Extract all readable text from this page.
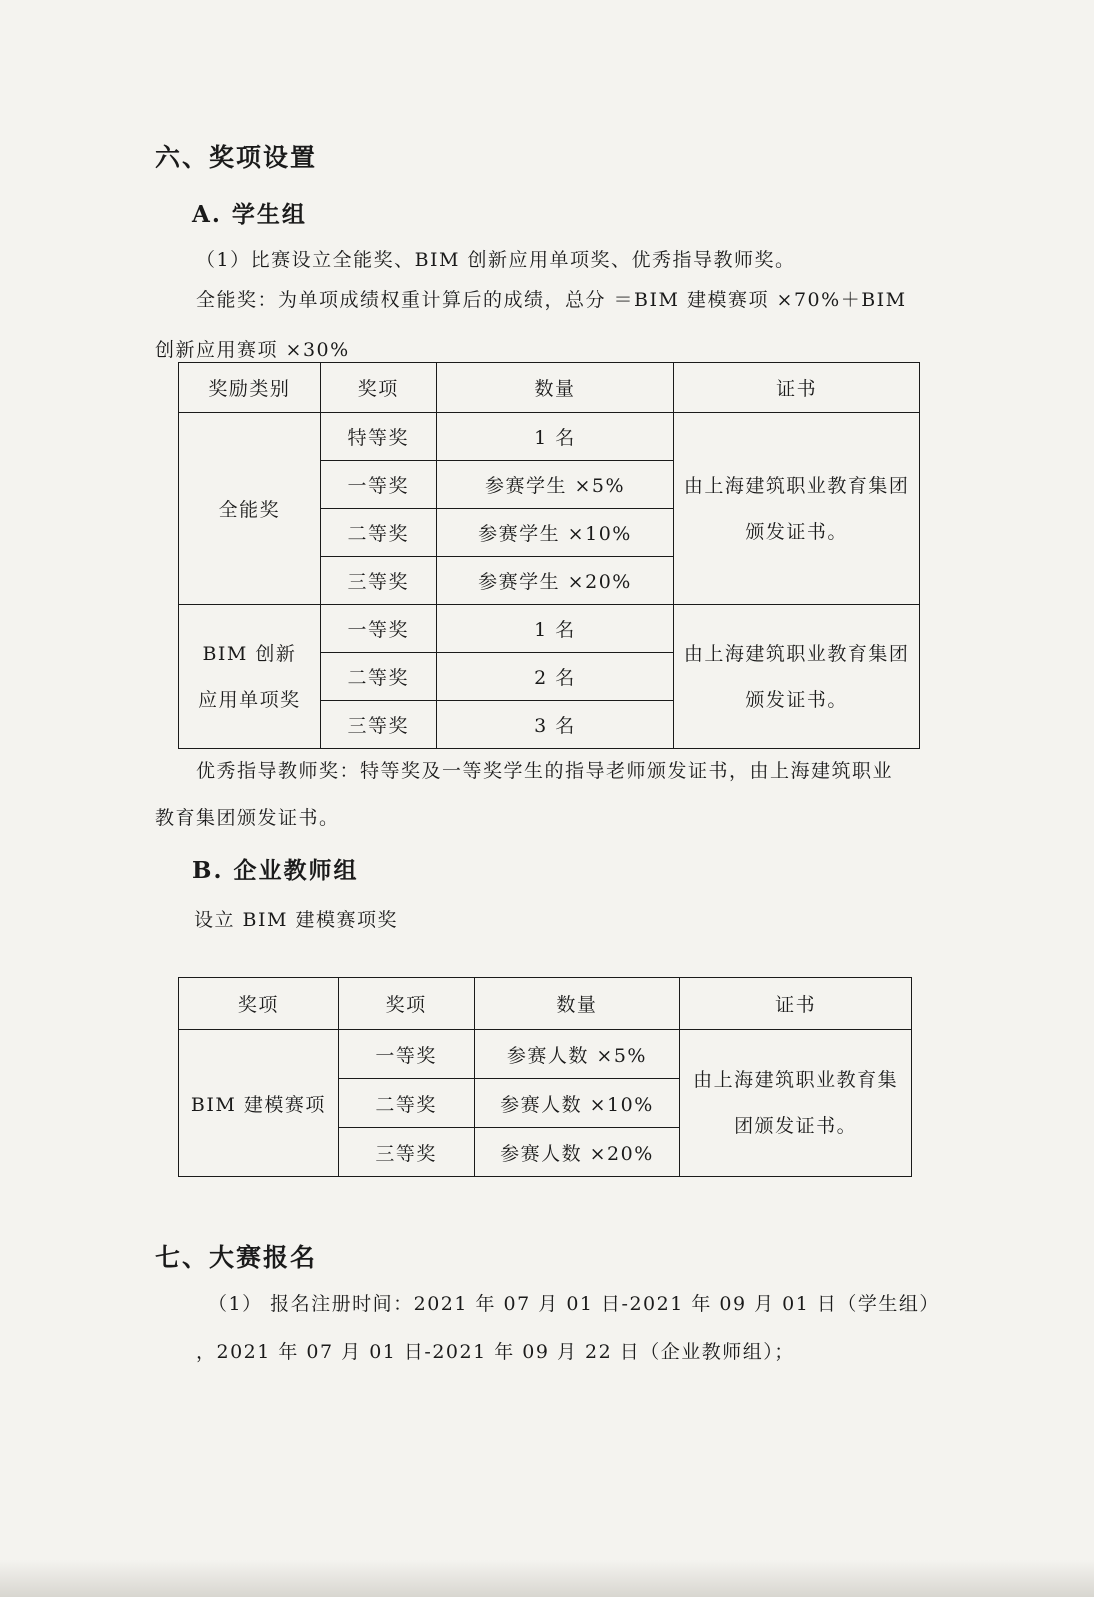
六、奖项设置
A. 学生组
（1）比赛设立全能奖、BIM 创新应用单项奖、优秀指导教师奖。
全能奖：为单项成绩权重计算后的成绩，总分 ＝BIM 建模赛项 ×70%＋BIM
创新应用赛项 ×30%
奖励类别	奖项	数量	证书
全能奖	特等奖	1 名	由上海建筑职业教育集团颁发证书。
	一等奖	参赛学生 ×5%	
	二等奖	参赛学生 ×10%	
	三等奖	参赛学生 ×20%	
BIM 创新应用单项奖	一等奖	1 名	由上海建筑职业教育集团颁发证书。
	二等奖	2 名	
	三等奖	3 名	
优秀指导教师奖：特等奖及一等奖学生的指导老师颁发证书，由上海建筑职业
教育集团颁发证书。
B. 企业教师组
设立 BIM 建模赛项奖
奖项	奖项	数量	证书
BIM 建模赛项	一等奖	参赛人数 ×5%	由上海建筑职业教育集团颁发证书。
	二等奖	参赛人数 ×10%	
	三等奖	参赛人数 ×20%	
七、大赛报名
（1） 报名注册时间：2021 年 07 月 01 日-2021 年 09 月 01 日（学生组）
，2021 年 07 月 01 日-2021 年 09 月 22 日（企业教师组）；
